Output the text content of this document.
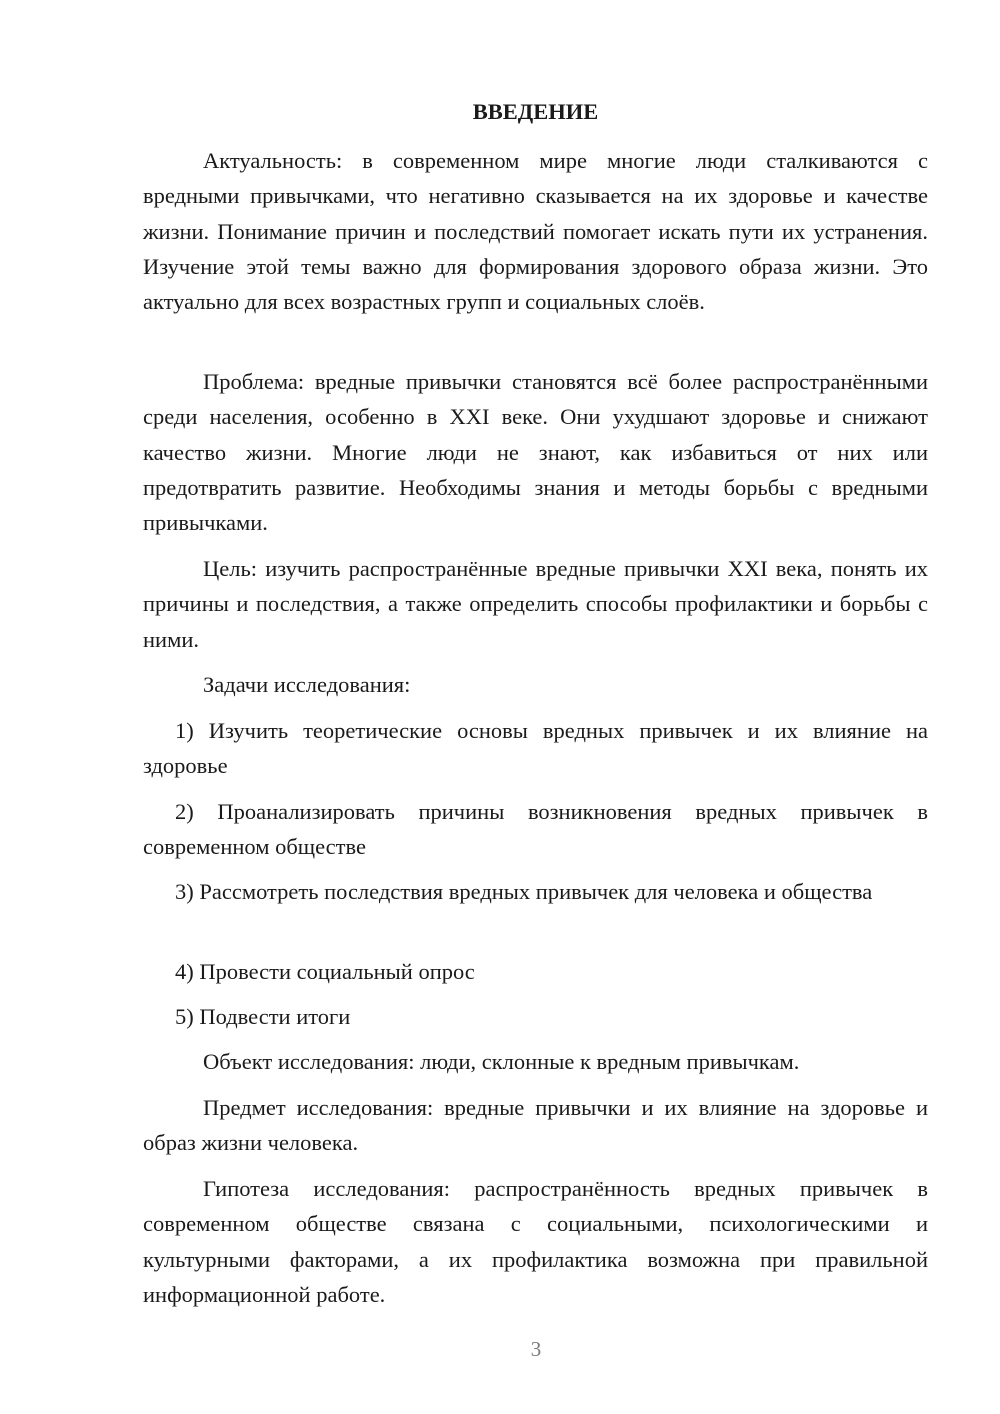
ВВЕДЕНИЕ

Актуальность: в современном мире многие люди сталкиваются с вредными привычками, что негативно сказывается на их здоровье и качестве жизни. Понимание причин и последствий помогает искать пути их устранения. Изучение этой темы важно для формирования здорового образа жизни. Это актуально для всех возрастных групп и социальных слоёв.

Проблема: вредные привычки становятся всё более распространёнными среди населения, особенно в XXI веке. Они ухудшают здоровье и снижают качество жизни. Многие люди не знают, как избавиться от них или предотвратить развитие. Необходимы знания и методы борьбы с вредными привычками.

Цель: изучить распространённые вредные привычки XXI века, понять их причины и последствия, а также определить способы профилактики и борьбы с ними.

Задачи исследования:

1) Изучить теоретические основы вредных привычек и их влияние на здоровье

2) Проанализировать причины возникновения вредных привычек в современном обществе

3) Рассмотреть последствия вредных привычек для человека и общества

4) Провести социальный опрос

5) Подвести итоги

Объект исследования: люди, склонные к вредным привычкам.

Предмет исследования: вредные привычки и их влияние на здоровье и образ жизни человека.

Гипотеза исследования: распространённость вредных привычек в современном обществе связана с социальными, психологическими и культурными факторами, а их профилактика возможна при правильной информационной работе.

3
